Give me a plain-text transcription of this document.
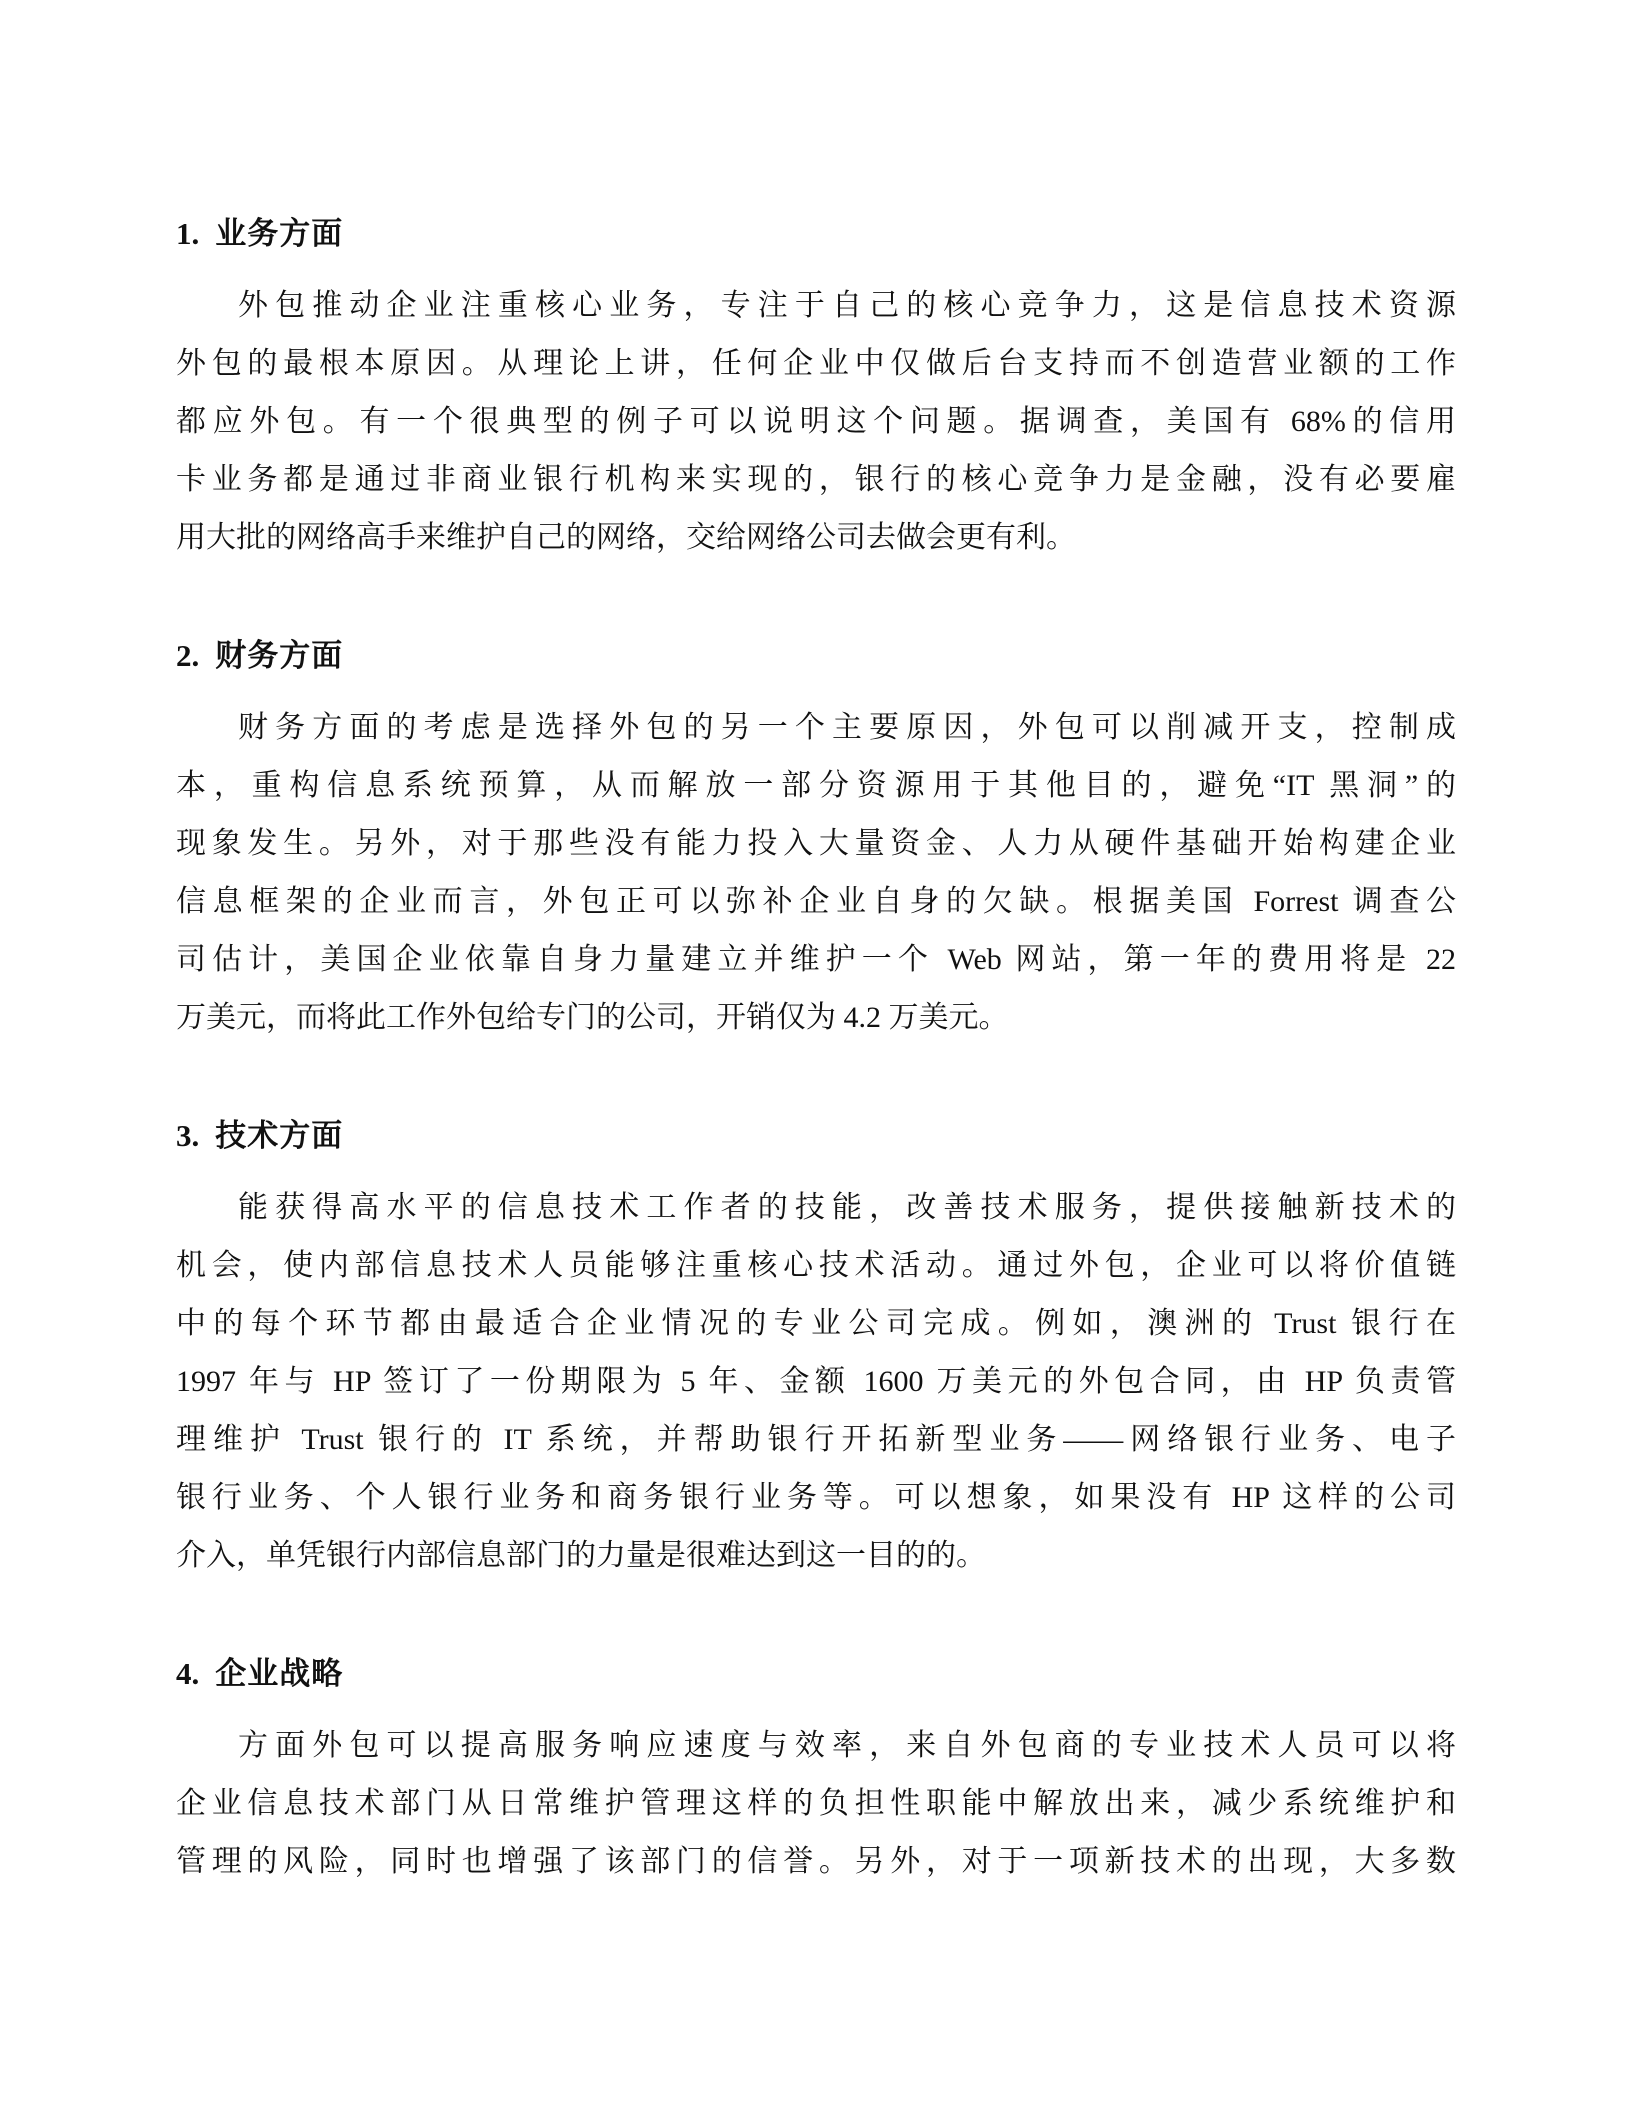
1. 业务方面
外包推动企业注重核心业务，专注于自己的核心竞争力，这是信息技术资源
外包的最根本原因。从理论上讲，任何企业中仅做后台支持而不创造营业额的工作
都应外包。有一个很典型的例子可以说明这个问题。据调查，美国有 68%的信用
卡业务都是通过非商业银行机构来实现的，银行的核心竞争力是金融，没有必要雇
用大批的网络高手来维护自己的网络，交给网络公司去做会更有利。
2. 财务方面
财务方面的考虑是选择外包的另一个主要原因，外包可以削减开支，控制成
本，重构信息系统预算，从而解放一部分资源用于其他目的，避免“IT 黑洞”的
现象发生。另外，对于那些没有能力投入大量资金、人力从硬件基础开始构建企业
信息框架的企业而言，外包正可以弥补企业自身的欠缺。根据美国 Forrest 调查公
司估计，美国企业依靠自身力量建立并维护一个 Web 网站，第一年的费用将是 22
万美元，而将此工作外包给专门的公司，开销仅为 4.2 万美元。
3. 技术方面
能获得高水平的信息技术工作者的技能，改善技术服务，提供接触新技术的
机会，使内部信息技术人员能够注重核心技术活动。通过外包，企业可以将价值链
中的每个环节都由最适合企业情况的专业公司完成。例如，澳洲的 Trust 银行在
1997 年与 HP 签订了一份期限为 5 年、金额 1600 万美元的外包合同，由 HP 负责管
理维护 Trust 银行的 IT 系统，并帮助银行开拓新型业务——网络银行业务、电子
银行业务、个人银行业务和商务银行业务等。可以想象，如果没有 HP 这样的公司
介入，单凭银行内部信息部门的力量是很难达到这一目的的。
4. 企业战略
方面外包可以提高服务响应速度与效率，来自外包商的专业技术人员可以将
企业信息技术部门从日常维护管理这样的负担性职能中解放出来，减少系统维护和
管理的风险，同时也增强了该部门的信誉。另外，对于一项新技术的出现，大多数
